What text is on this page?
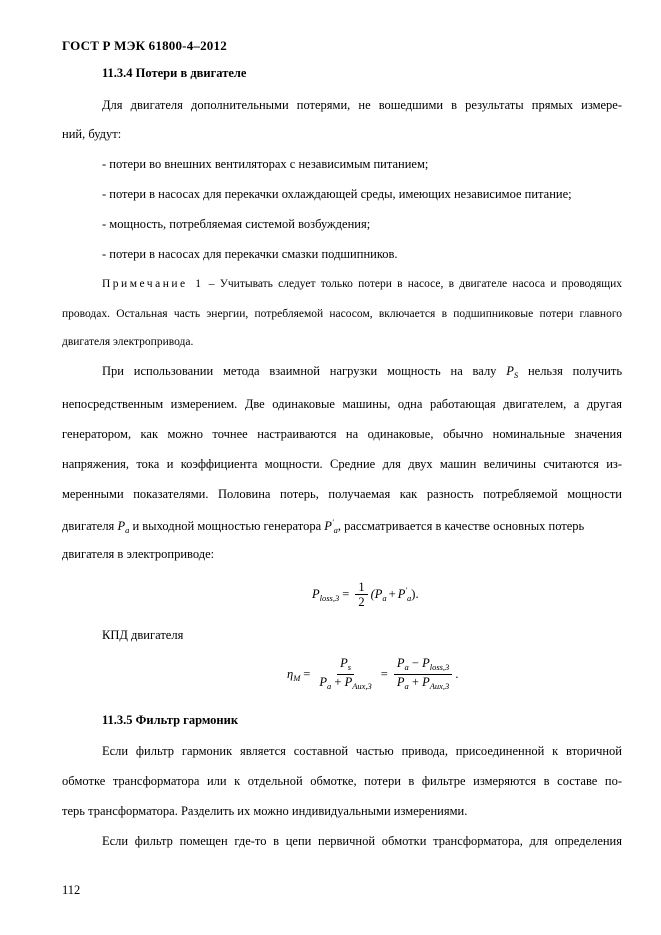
ГОСТ Р МЭК 61800-4–2012
11.3.4 Потери в двигателе
Для двигателя дополнительными потерями, не вошедшими в результаты прямых измере-
ний, будут:
- потери во внешних вентиляторах с независимым питанием;
- потери в насосах для перекачки охлаждающей среды, имеющих независимое питание;
- мощность, потребляемая системой возбуждения;
- потери в насосах для перекачки смазки подшипников.
Примечание 1 – Учитывать следует только потери в насосе, в двигателе насоса и проводящих
проводах. Остальная часть энергии, потребляемой насосом, включается в подшипниковые потери главного
двигателя электропривода.
При использовании метода взаимной нагрузки мощность на валу $P_S$ нельзя получить
непосредственным измерением. Две одинаковые машины, одна работающая двигателем, а другая
генератором, как можно точнее настраиваются на одинаковые, обычно номинальные значения
напряжения, тока и коэффициента мощности. Средние для двух машин величины считаются из-
меренными показателями. Половина потерь, получаемая как разность потребляемой мощности
двигателя $P_a$ и выходной мощностью генератора $P'_a$, рассматривается в качестве основных потерь
двигателя в электроприводе:
$P_{loss,3} = \frac{1}{2} (P_a + P'_a$ ).
КПД двигателя
$\eta_M = \frac{P_s}{P_a + P_{Aux,3}} = \frac{P_a - P_{loss,3}}{P_a + P_{Aux,3}}$ .
11.3.5 Фильтр гармоник
Если фильтр гармоник является составной частью привода, присоединенной к вторичной
обмотке трансформатора или к отдельной обмотке, потери в фильтре измеряются в составе по-
терь трансформатора. Разделить их можно индивидуальными измерениями.
Если фильтр помещен где-то в цепи первичной обмотки трансформатора, для определения
112
